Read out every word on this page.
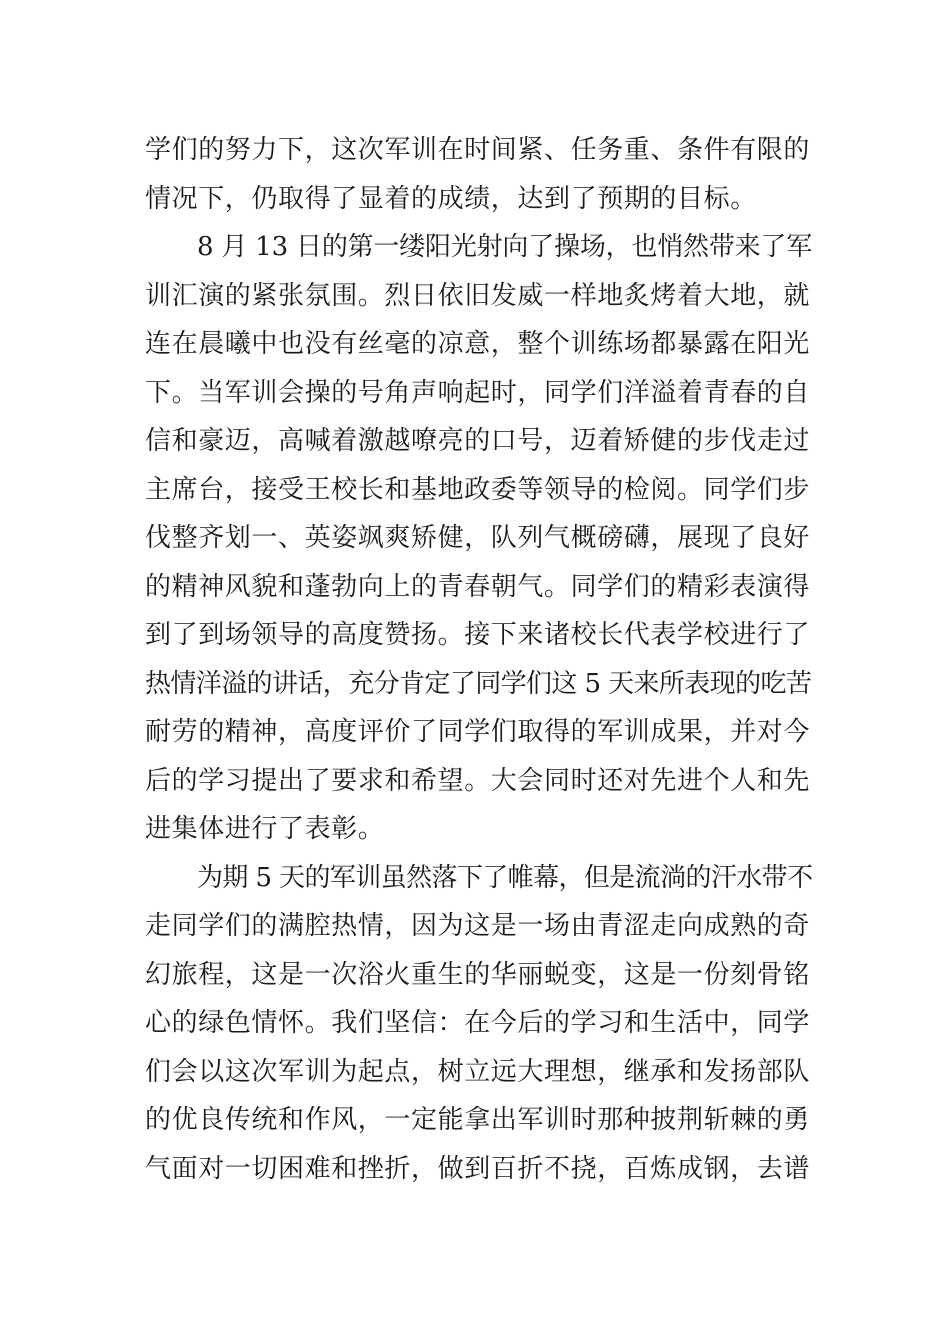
学们的努力下，这次军训在时间紧、任务重、条件有限的
情况下，仍取得了显着的成绩，达到了预期的目标。
8 月 13 日的第一缕阳光射向了操场，也悄然带来了军
训汇演的紧张氛围。烈日依旧发威一样地炙烤着大地，就
连在晨曦中也没有丝毫的凉意，整个训练场都暴露在阳光
下。当军训会操的号角声响起时，同学们洋溢着青春的自
信和豪迈，高喊着激越嘹亮的口号，迈着矫健的步伐走过
主席台，接受王校长和基地政委等领导的检阅。同学们步
伐整齐划一、英姿飒爽矫健，队列气概磅礴，展现了良好
的精神风貌和蓬勃向上的青春朝气。同学们的精彩表演得
到了到场领导的高度赞扬。接下来诸校长代表学校进行了
热情洋溢的讲话，充分肯定了同学们这 5 天来所表现的吃苦
耐劳的精神，高度评价了同学们取得的军训成果，并对今
后的学习提出了要求和希望。大会同时还对先进个人和先
进集体进行了表彰。
为期 5 天的军训虽然落下了帷幕，但是流淌的汗水带不
走同学们的满腔热情，因为这是一场由青涩走向成熟的奇
幻旅程，这是一次浴火重生的华丽蜕变，这是一份刻骨铭
心的绿色情怀。我们坚信：在今后的学习和生活中，同学
们会以这次军训为起点，树立远大理想，继承和发扬部队
的优良传统和作风，一定能拿出军训时那种披荆斩棘的勇
气面对一切困难和挫折，做到百折不挠，百炼成钢，去谱
